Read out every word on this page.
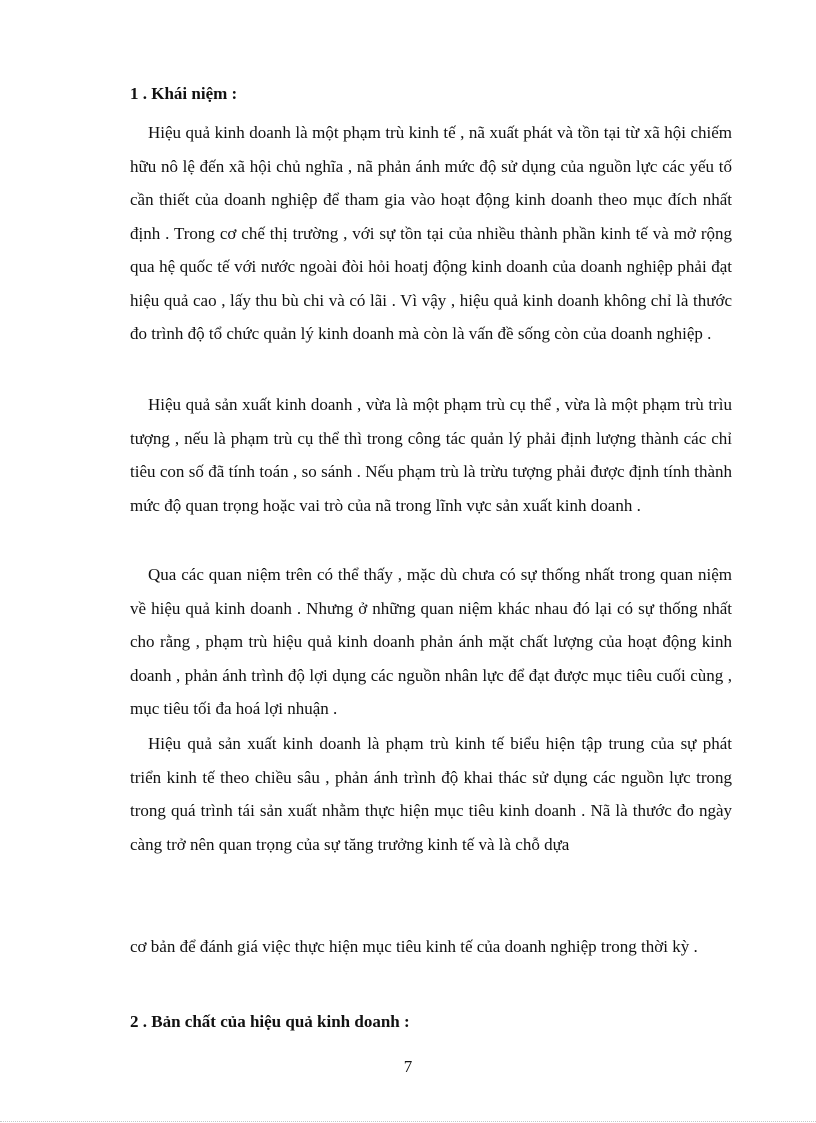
1 . Khái niệm :

Hiệu quả kinh doanh là một phạm trù kinh tế , nã xuất phát và tồn tại từ xã hội chiếm hữu nô lệ đến xã hội chủ nghĩa , nã phản ánh mức độ sử dụng của nguồn lực các yếu tố cần thiết của doanh nghiệp để tham gia vào hoạt động kinh doanh theo mục đích nhất định . Trong cơ chế thị trường , với sự tồn tại của nhiều thành phần kinh tế và mở rộng qua hệ quốc tế với nước ngoài đòi hỏi hoatj động kinh doanh của doanh nghiệp phải đạt hiệu quả cao , lấy thu bù chi và có lãi . Vì vậy , hiệu quả kinh doanh không chỉ là thước đo trình độ tổ chức quản lý kinh doanh mà còn là vấn đề sống còn của doanh nghiệp .

Hiệu quả sản xuất kinh doanh , vừa là một phạm trù cụ thể , vừa là một phạm trù trìu tượng , nếu là phạm trù cụ thể thì trong công tác quản lý phải định lượng thành các chỉ tiêu con số đã tính toán , so sánh . Nếu phạm trù là trừu tượng phải được định tính thành mức độ quan trọng hoặc vai trò của nã trong lĩnh vực sản xuất kinh doanh .

Qua các quan niệm trên có thể thấy , mặc dù chưa có sự thống nhất trong quan niệm về hiệu quả kinh doanh . Nhưng ở những quan niệm khác nhau đó lại có sự thống nhất cho rằng , phạm trù hiệu quả kinh doanh phản ánh mặt chất lượng của hoạt động kinh doanh , phản ánh trình độ lợi dụng các nguồn nhân lực để đạt được mục tiêu cuối cùng , mục tiêu tối đa hoá lợi nhuận .

Hiệu quả sản xuất kinh doanh là phạm trù kinh tế biểu hiện tập trung của sự phát triển kinh tế theo chiều sâu , phản ánh trình độ khai thác sử dụng các nguồn lực trong trong quá trình tái sản xuất nhằm thực hiện mục tiêu kinh doanh . Nã là thước đo ngày càng trở nên quan trọng của sự tăng trưởng kinh tế và là chỗ dựa

cơ bản để đánh giá việc thực hiện mục tiêu kinh tế của doanh nghiệp trong thời kỳ .

2 . Bản chất của hiệu quả kinh doanh :
7
